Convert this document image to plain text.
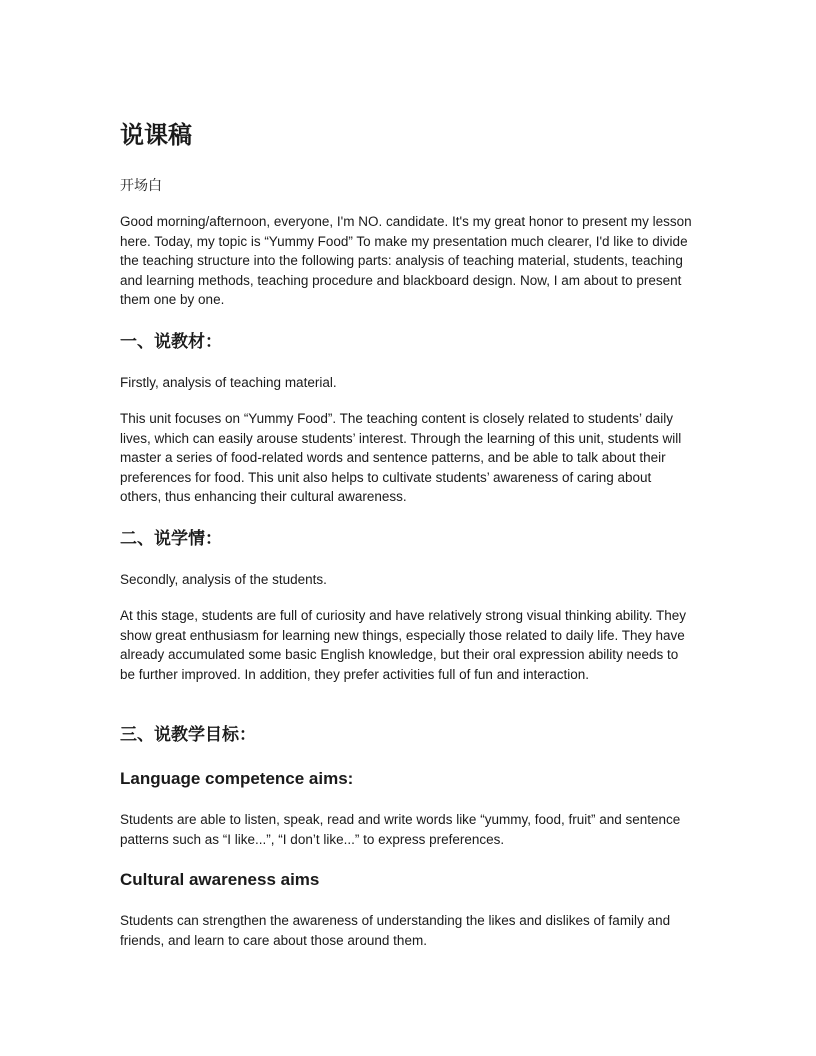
说课稿

开场白

Good morning/afternoon, everyone, I'm NO. candidate. It's my great honor to present my lesson here. Today, my topic is “Yummy Food” To make my presentation much clearer, I'd like to divide the teaching structure into the following parts: analysis of teaching material, students, teaching and learning methods, teaching procedure and blackboard design. Now, I am about to present them one by one.

一、说教材：

Firstly, analysis of teaching material.

This unit focuses on “Yummy Food”. The teaching content is closely related to students’ daily lives, which can easily arouse students’ interest. Through the learning of this unit, students will master a series of food-related words and sentence patterns, and be able to talk about their preferences for food. This unit also helps to cultivate students’ awareness of caring about others, thus enhancing their cultural awareness.

二、说学情：

Secondly, analysis of the students.

At this stage, students are full of curiosity and have relatively strong visual thinking ability. They show great enthusiasm for learning new things, especially those related to daily life. They have already accumulated some basic English knowledge, but their oral expression ability needs to be further improved. In addition, they prefer activities full of fun and interaction.

三、说教学目标：
Language competence aims:

Students are able to listen, speak, read and write words like “yummy, food, fruit” and sentence patterns such as “I like...”, “I don’t like...” to express preferences.

Cultural awareness aims

Students can strengthen the awareness of understanding the likes and dislikes of family and friends, and learn to care about those around them.
